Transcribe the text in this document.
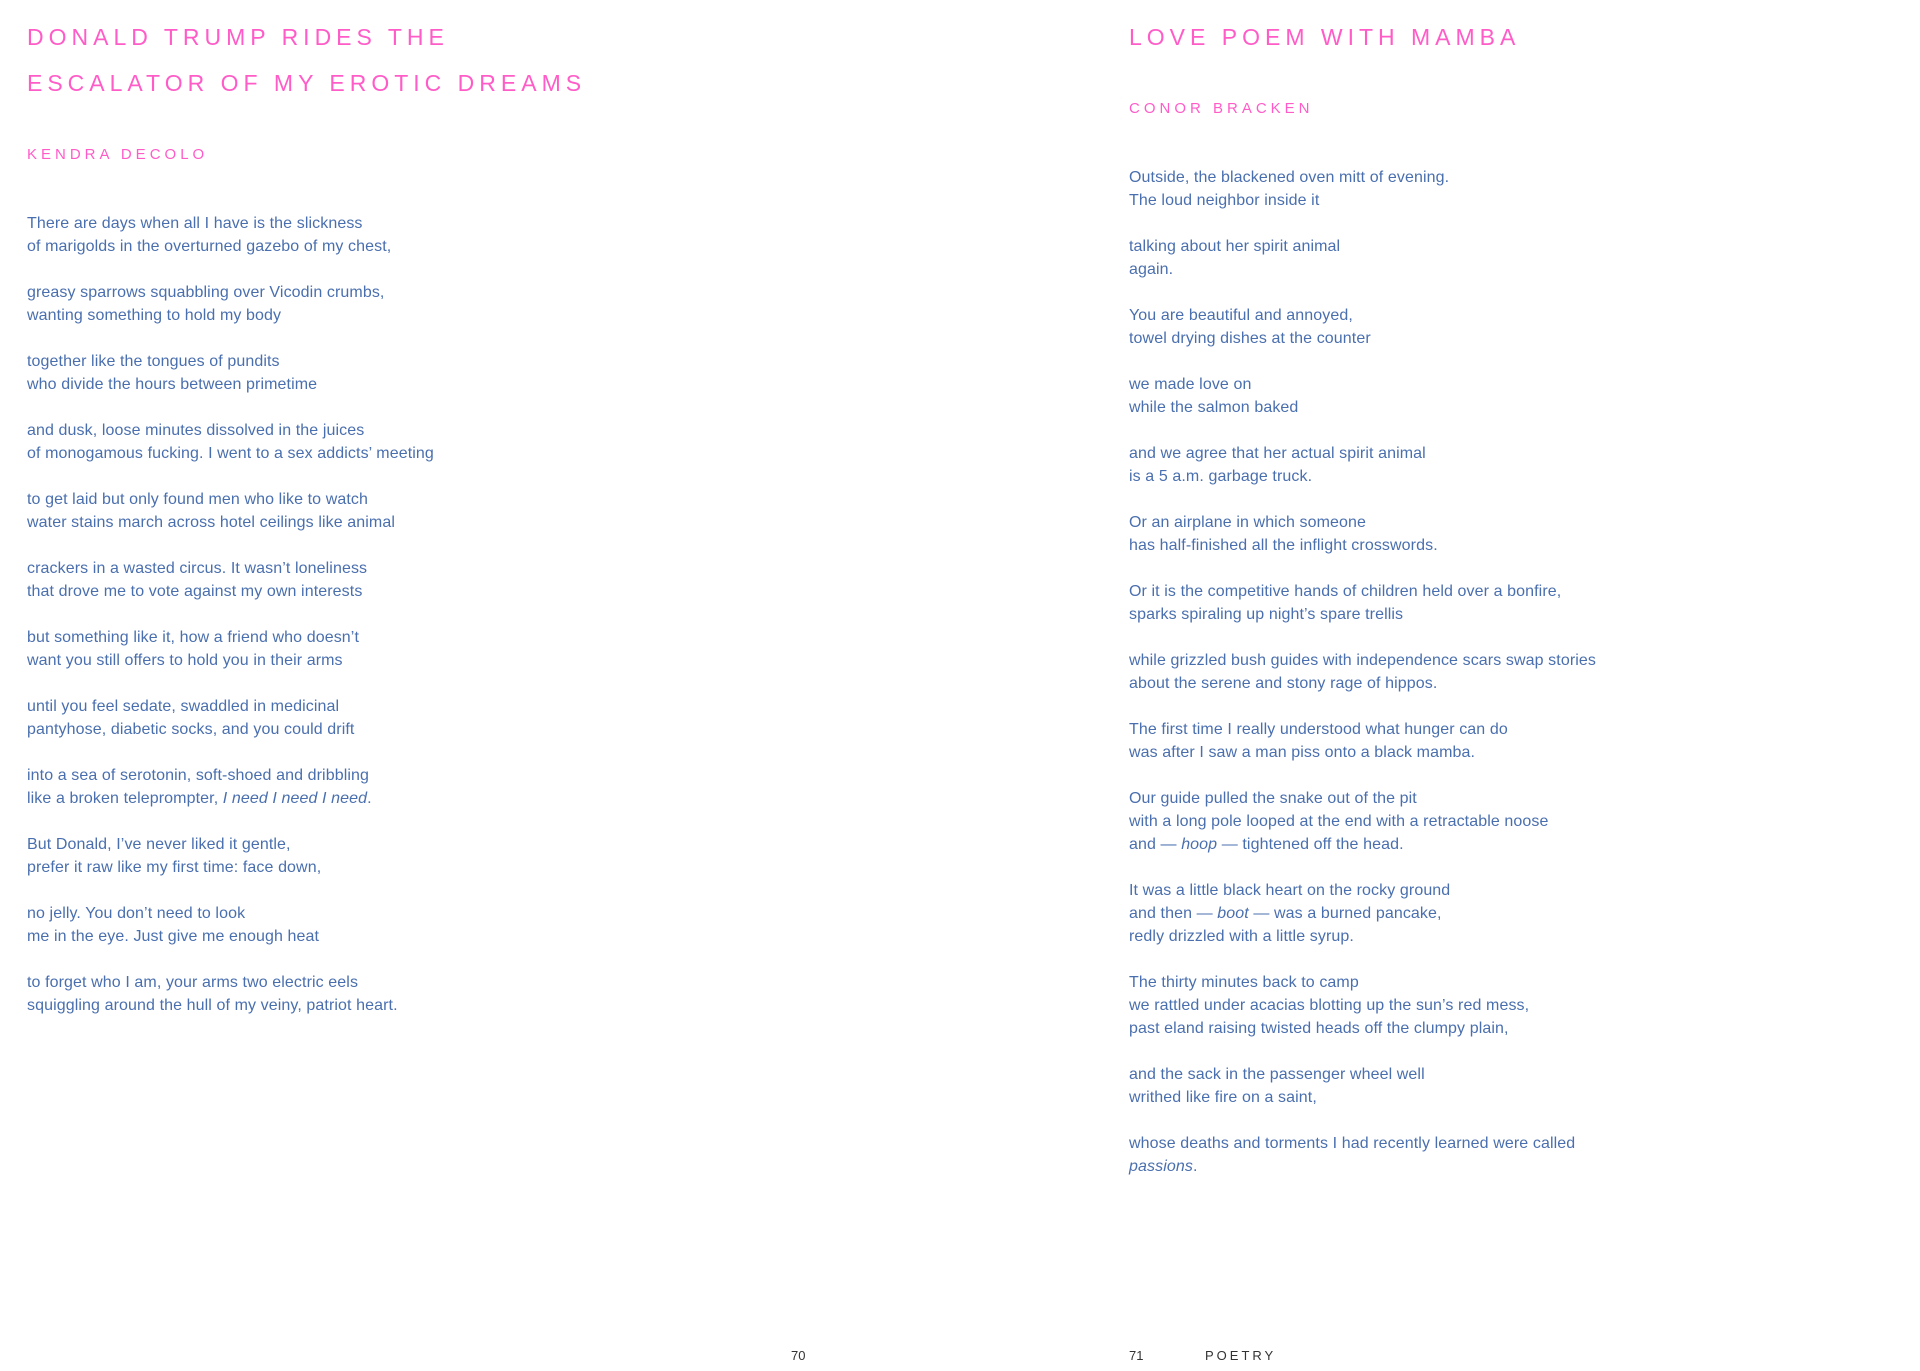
DONALD TRUMP RIDES THE
ESCALATOR OF MY EROTIC DREAMS
KENDRA DECOLO

There are days when all I have is the slickness
of marigolds in the overturned gazebo of my chest,

greasy sparrows squabbling over Vicodin crumbs,
wanting something to hold my body

together like the tongues of pundits
who divide the hours between primetime

and dusk, loose minutes dissolved in the juices
of monogamous fucking. I went to a sex addicts’ meeting

to get laid but only found men who like to watch
water stains march across hotel ceilings like animal

crackers in a wasted circus. It wasn’t loneliness
that drove me to vote against my own interests

but something like it, how a friend who doesn’t
want you still offers to hold you in their arms

until you feel sedate, swaddled in medicinal
pantyhose, diabetic socks, and you could drift

into a sea of serotonin, soft-shoed and dribbling
like a broken teleprompter, I need I need I need.

But Donald, I’ve never liked it gentle,
prefer it raw like my first time: face down,

no jelly. You don’t need to look
me in the eye. Just give me enough heat

to forget who I am, your arms two electric eels
squiggling around the hull of my veiny, patriot heart.

70
LOVE POEM WITH MAMBA
CONOR BRACKEN

Outside, the blackened oven mitt of evening.
The loud neighbor inside it

talking about her spirit animal
again.

You are beautiful and annoyed,
towel drying dishes at the counter

we made love on
while the salmon baked

and we agree that her actual spirit animal
is a 5 a.m. garbage truck.

Or an airplane in which someone
has half-finished all the inflight crosswords.

Or it is the competitive hands of children held over a bonfire,
sparks spiraling up night’s spare trellis

while grizzled bush guides with independence scars swap stories
about the serene and stony rage of hippos.

The first time I really understood what hunger can do
was after I saw a man piss onto a black mamba.

Our guide pulled the snake out of the pit
with a long pole looped at the end with a retractable noose
and — hoop — tightened off the head.

It was a little black heart on the rocky ground
and then — boot — was a burned pancake,
redly drizzled with a little syrup.

The thirty minutes back to camp
we rattled under acacias blotting up the sun’s red mess,
past eland raising twisted heads off the clumpy plain,

and the sack in the passenger wheel well
writhed like fire on a saint,

whose deaths and torments I had recently learned were called
passions.

71	POETRY
